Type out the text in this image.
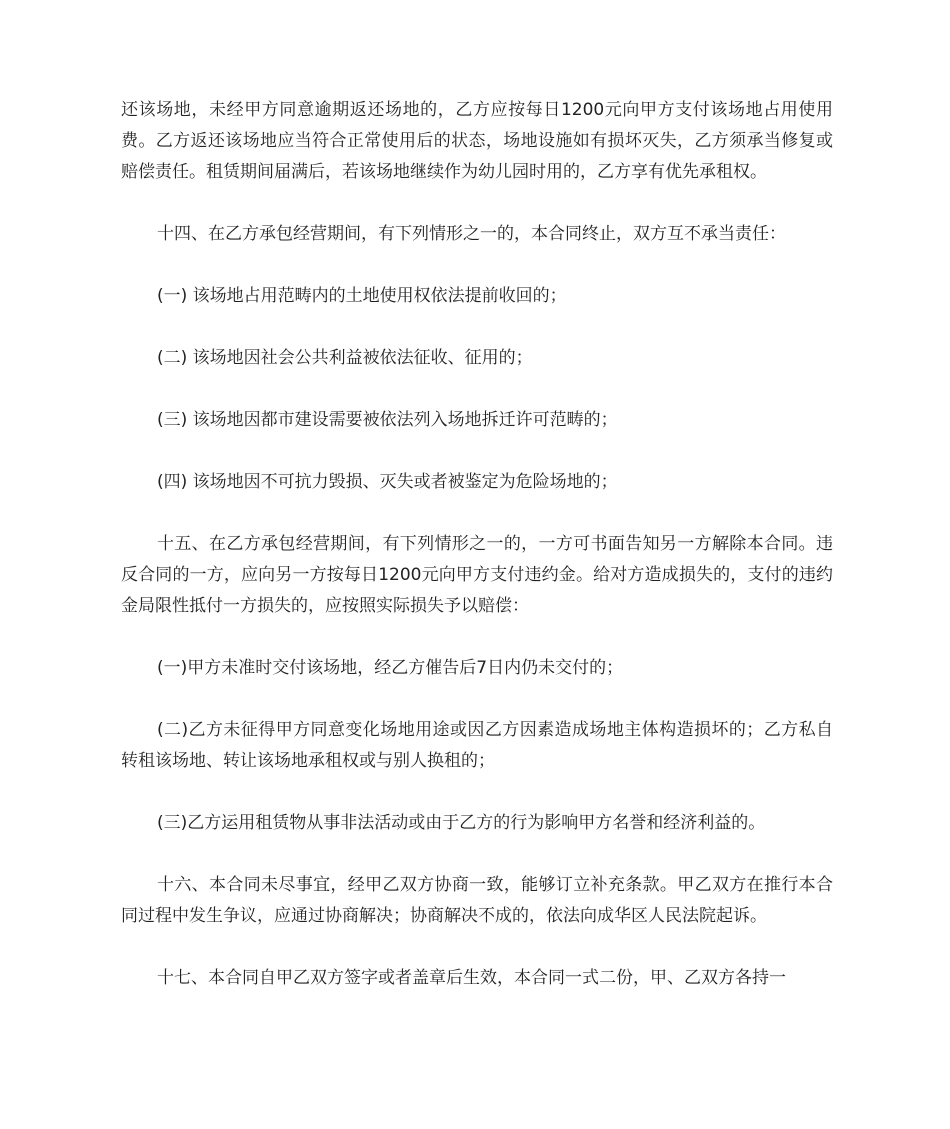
还该场地，未经甲方同意逾期返还场地的，乙方应按每日1200元向甲方支付该场地占用使用费。乙方返还该场地应当符合正常使用后的状态，场地设施如有损坏灭失，乙方须承当修复或赔偿责任。租赁期间届满后，若该场地继续作为幼儿园时用的，乙方享有优先承租权。

十四、在乙方承包经营期间，有下列情形之一的，本合同终止，双方互不承当责任：

(一) 该场地占用范畴内的土地使用权依法提前收回的；

(二) 该场地因社会公共利益被依法征收、征用的；

(三) 该场地因都市建设需要被依法列入场地拆迁许可范畴的；

(四) 该场地因不可抗力毁损、灭失或者被鉴定为危险场地的；

十五、在乙方承包经营期间，有下列情形之一的，一方可书面告知另一方解除本合同。违反合同的一方，应向另一方按每日1200元向甲方支付违约金。给对方造成损失的，支付的违约金局限性抵付一方损失的，应按照实际损失予以赔偿：

(一)甲方未准时交付该场地，经乙方催告后7日内仍未交付的；

(二)乙方未征得甲方同意变化场地用途或因乙方因素造成场地主体构造损坏的；乙方私自转租该场地、转让该场地承租权或与别人换租的；

(三)乙方运用租赁物从事非法活动或由于乙方的行为影响甲方名誉和经济利益的。

十六、本合同未尽事宜，经甲乙双方协商一致，能够订立补充条款。甲乙双方在推行本合同过程中发生争议，应通过协商解决；协商解决不成的，依法向成华区人民法院起诉。

十七、本合同自甲乙双方签字或者盖章后生效，本合同一式二份，甲、乙双方各持一
